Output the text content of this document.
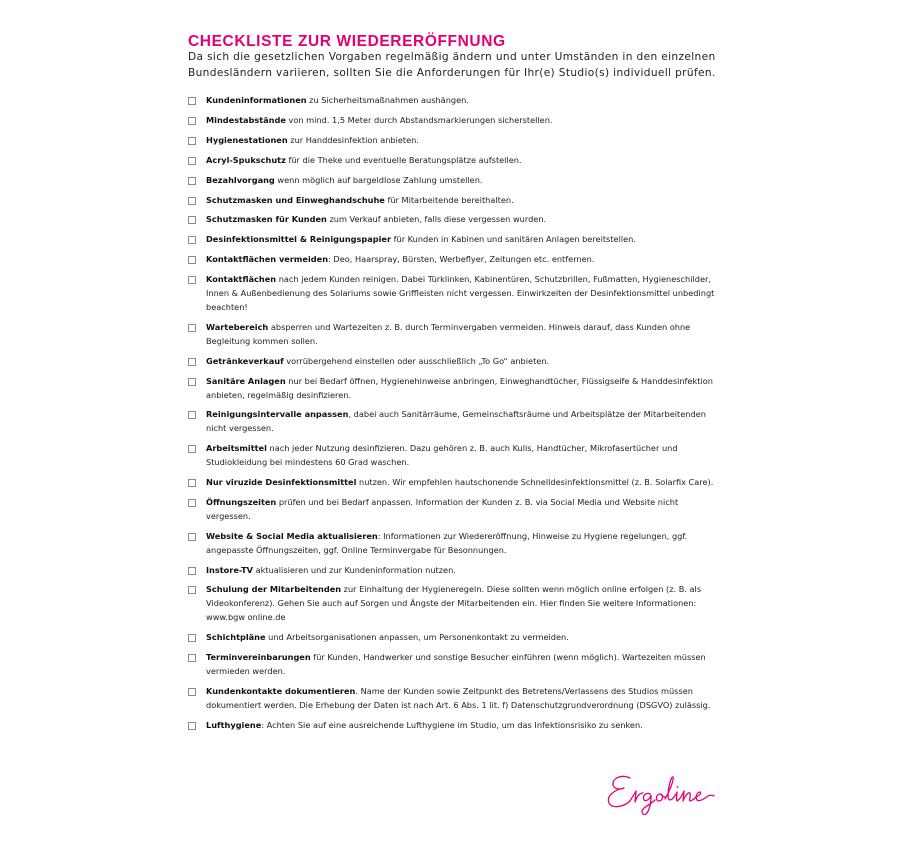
CHECKLISTE ZUR WIEDERERÖFFNUNG

Da sich die gesetzlichen Vorgaben regelmäßig ändern und unter Umständen in den einzelnen
Bundesländern variieren, sollten Sie die Anforderungen für Ihr(e) Studio(s) individuell prüfen.

Kundeninformationen zu Sicherheitsmaßnahmen aushängen.
Mindestabstände von mind. 1,5 Meter durch Abstandsmarkierungen sicherstellen.
Hygienestationen zur Handdesinfektion anbieten.
Acryl-Spukschutz für die Theke und eventuelle Beratungsplätze aufstellen.
Bezahlvorgang wenn möglich auf bargeldlose Zahlung umstellen.
Schutzmasken und Einweghandschuhe für Mitarbeitende bereithalten.
Schutzmasken für Kunden zum Verkauf anbieten, falls diese vergessen wurden.
Desinfektionsmittel & Reinigungspapier für Kunden in Kabinen und sanitären Anlagen bereitstellen.
Kontaktflächen vermeiden: Deo, Haarspray, Bürsten, Werbeflyer, Zeitungen etc. entfernen.
Kontaktflächen nach jedem Kunden reinigen. Dabei Türklinken, Kabinentüren, Schutzbrillen, Fußmatten, Hygieneschilder, Innen & Außenbedienung des Solariums sowie Griffleisten nicht vergessen. Einwirkzeiten der Desinfektionsmittel unbedingt beachten!
Wartebereich absperren und Wartezeiten z. B. durch Terminvergaben vermeiden. Hinweis darauf, dass Kunden ohne Begleitung kommen sollen.
Getränkeverkauf vorrübergehend einstellen oder ausschließlich „To Go“ anbieten.
Sanitäre Anlagen nur bei Bedarf öffnen, Hygienehinweise anbringen, Einweghandtücher, Flüssigseife & Handdesinfektion anbieten, regelmäßig desinfizieren.
Reinigungsintervalle anpassen, dabei auch Sanitärräume, Gemeinschaftsräume und Arbeitsplätze der Mitarbeitenden nicht vergessen.
Arbeitsmittel nach jeder Nutzung desinfizieren. Dazu gehören z. B. auch Kulis, Handtücher, Mikrofasertücher und Studiokleidung bei mindestens 60 Grad waschen.
Nur viruzide Desinfektionsmittel nutzen. Wir empfehlen hautschonende Schnelldesinfektionsmittel (z. B. Solarfix Care).
Öffnungszeiten prüfen und bei Bedarf anpassen. Information der Kunden z. B. via Social Media und Website nicht vergessen.
Website & Social Media aktualisieren: Informationen zur Wiedereröffnung, Hinweise zu Hygiene regelungen, ggf. angepasste Öffnungszeiten, ggf. Online Terminvergabe für Besonnungen.
Instore-TV aktualisieren und zur Kundeninformation nutzen.
Schulung der Mitarbeitenden zur Einhaltung der Hygieneregeln. Diese sollten wenn möglich online erfolgen (z. B. als Videokonferenz). Gehen Sie auch auf Sorgen und Ängste der Mitarbeitenden ein. Hier finden Sie weitere Informationen: www.bgw online.de
Schichtpläne und Arbeitsorganisationen anpassen, um Personenkontakt zu vermeiden.
Terminvereinbarungen für Kunden, Handwerker und sonstige Besucher einführen (wenn möglich). Wartezeiten müssen vermieden werden.
Kundenkontakte dokumentieren. Name der Kunden sowie Zeitpunkt des Betretens/Verlassens des Studios müssen dokumentiert werden. Die Erhebung der Daten ist nach Art. 6 Abs. 1 lit. f) Datenschutzgrundverordnung (DSGVO) zulässig.
Lufthygiene: Achten Sie auf eine ausreichende Lufthygiene im Studio, um das Infektionsrisiko zu senken.
